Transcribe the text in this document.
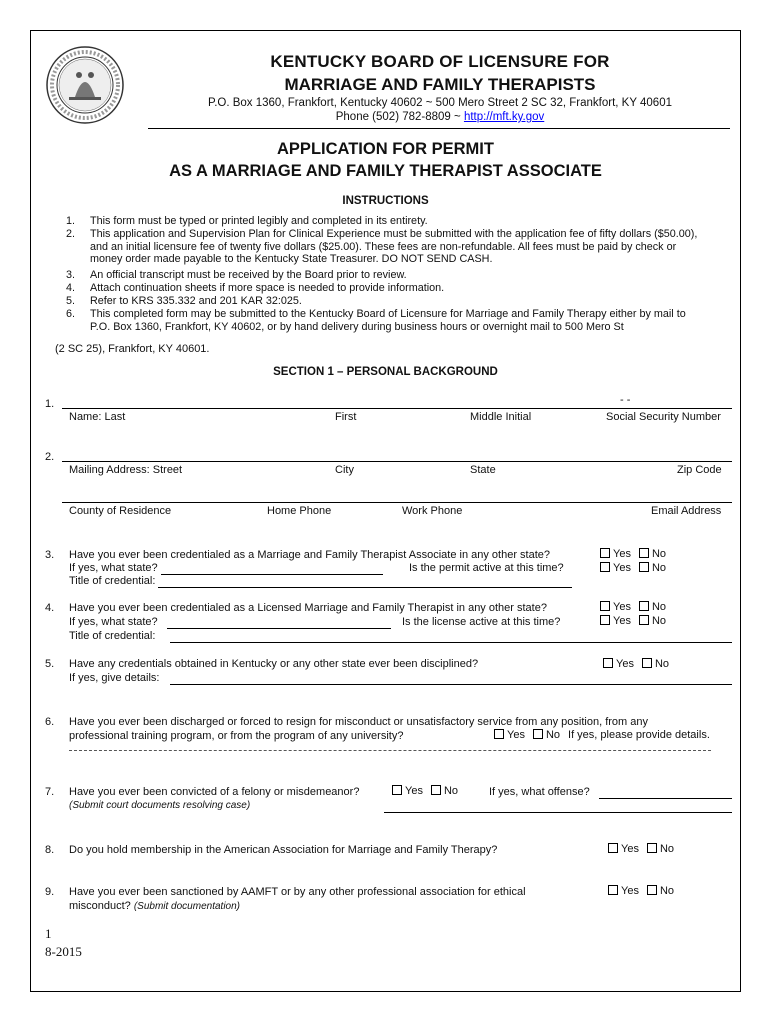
KENTUCKY BOARD OF LICENSURE FOR
MARRIAGE AND FAMILY THERAPISTS
P.O. Box 1360, Frankfort, Kentucky 40602 ~ 500 Mero Street 2 SC 32, Frankfort, KY 40601
Phone (502) 782-8809 ~ http://mft.ky.gov
APPLICATION FOR PERMIT
AS A MARRIAGE AND FAMILY THERAPIST ASSOCIATE
INSTRUCTIONS
1. This form must be typed or printed legibly and completed in its entirety.
2. This application and Supervision Plan for Clinical Experience must be submitted with the application fee of fifty dollars ($50.00), and an initial licensure fee of twenty five dollars ($25.00). These fees are non-refundable. All fees must be paid by check or money order made payable to the Kentucky State Treasurer. DO NOT SEND CASH.
3. An official transcript must be received by the Board prior to review.
4. Attach continuation sheets if more space is needed to provide information.
5. Refer to KRS 335.332 and 201 KAR 32:025.
6. This completed form may be submitted to the Kentucky Board of Licensure for Marriage and Family Therapy either by mail to P.O. Box 1360, Frankfort, KY 40602, or by hand delivery during business hours or overnight mail to 500 Mero St
(2 SC 25), Frankfort, KY 40601.
SECTION 1 – PERSONAL BACKGROUND
1.	- -
Name: Last	First	Middle Initial	Social Security Number
2.
Mailing Address: Street	City	State	Zip Code
County of Residence	Home Phone	Work Phone	Email Address
3. Have you ever been credentialed as a Marriage and Family Therapist Associate in any other state?
If yes, what state?	Is the permit active at this time?
Title of credential:
Yes No
Yes No
4. Have you ever been credentialed as a Licensed Marriage and Family Therapist in any other state?
If yes, what state?	Is the license active at this time?
Title of credential:
Yes No
Yes No
5. Have any credentials obtained in Kentucky or any other state ever been disciplined?
If yes, give details:
Yes No
6. Have you ever been discharged or forced to resign for misconduct or unsatisfactory service from any position, from any
professional training program, or from the program of any university?	Yes No If yes, please provide details.
7. Have you ever been convicted of a felony or misdemeanor?
(Submit court documents resolving case)
Yes No	If yes, what offense?
8. Do you hold membership in the American Association for Marriage and Family Therapy?	Yes No
9. Have you ever been sanctioned by AAMFT or by any other professional association for ethical
misconduct? (Submit documentation)
Yes No
1
8-2015
